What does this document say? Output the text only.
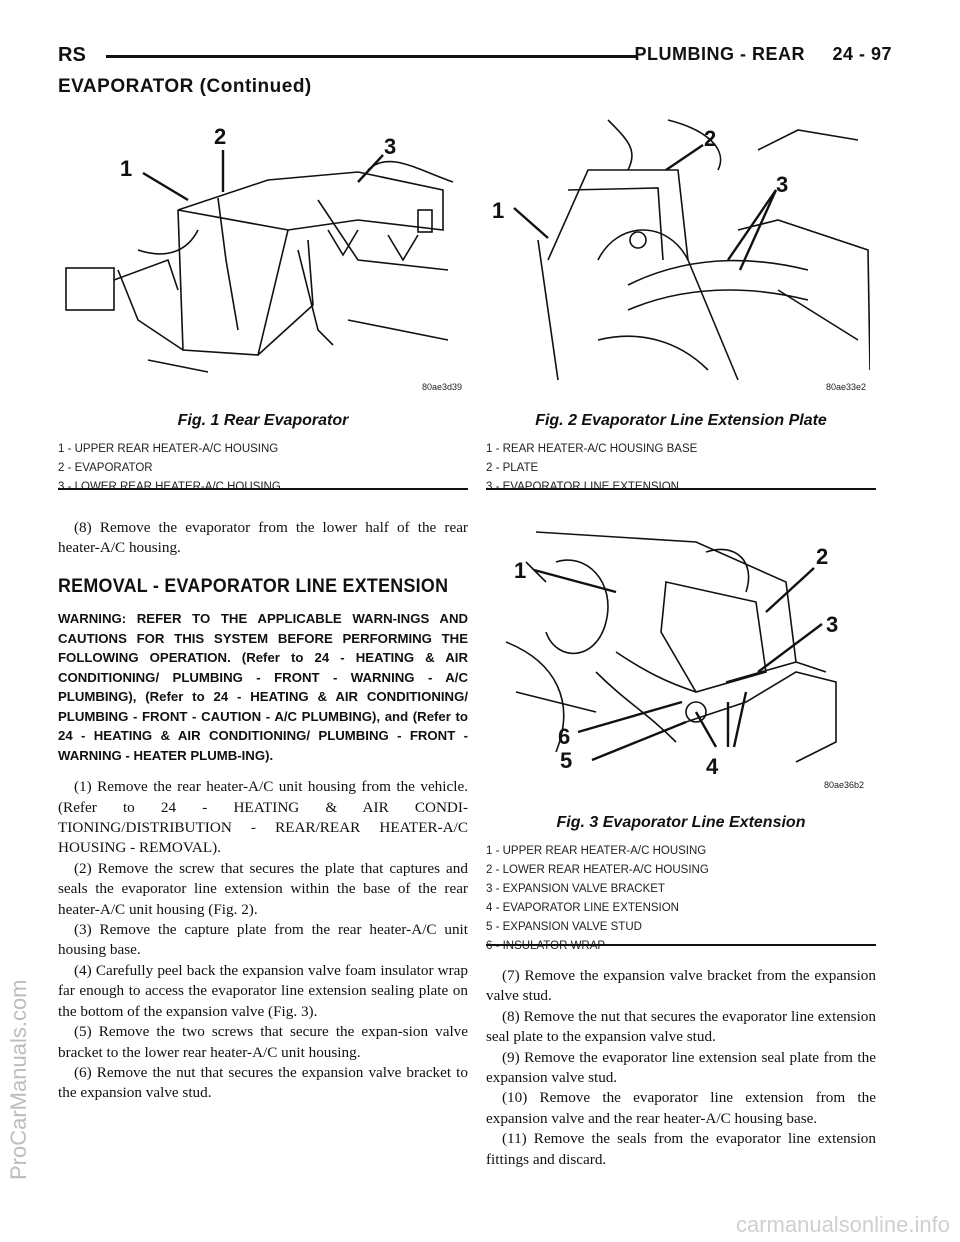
RS	PLUMBING - REAR     24 - 97
EVAPORATOR (Continued)
1
2	3
80ae3d39
Fig. 1 Rear Evaporator
1 - UPPER REAR HEATER-A/C HOUSING
2 - EVAPORATOR
3 - LOWER REAR HEATER-A/C HOUSING
1
2
3
80ae33e2
Fig. 2 Evaporator Line Extension Plate
1 - REAR HEATER-A/C HOUSING BASE
2 - PLATE
3 - EVAPORATOR LINE EXTENSION

(8) Remove the evaporator from the lower half of the rear heater-A/C housing.

REMOVAL - EVAPORATOR LINE EXTENSION
WARNING: REFER TO THE APPLICABLE WARN-INGS AND CAUTIONS FOR THIS SYSTEM BEFORE PERFORMING THE FOLLOWING OPERATION. (Refer to 24 - HEATING & AIR CONDITIONING/ PLUMBING - FRONT - WARNING - A/C PLUMBING), (Refer to 24 - HEATING & AIR CONDITIONING/ PLUMBING - FRONT - CAUTION - A/C PLUMBING), and (Refer to 24 - HEATING & AIR CONDITIONING/ PLUMBING - FRONT - WARNING - HEATER PLUMB-ING).

(1) Remove the rear heater-A/C unit housing from the vehicle. (Refer to 24 - HEATING & AIR CONDI-TIONING/DISTRIBUTION - REAR/REAR HEATER-A/C HOUSING - REMOVAL).

(2) Remove the screw that secures the plate that captures and seals the evaporator line extension within the base of the rear heater-A/C unit housing (Fig. 2).

(3) Remove the capture plate from the rear heater-A/C unit housing base.

(4) Carefully peel back the expansion valve foam insulator wrap far enough to access the evaporator line extension sealing plate on the bottom of the expansion valve (Fig. 3).

(5) Remove the two screws that secure the expan-sion valve bracket to the lower rear heater-A/C unit housing.

(6) Remove the nut that secures the expansion valve bracket to the expansion valve stud.

1
2
3
4
5
6
80ae36b2
Fig. 3 Evaporator Line Extension
1 - UPPER REAR HEATER-A/C HOUSING
2 - LOWER REAR HEATER-A/C HOUSING
3 - EXPANSION VALVE BRACKET
4 - EVAPORATOR LINE EXTENSION
5 - EXPANSION VALVE STUD
6 - INSULATOR WRAP

(7) Remove the expansion valve bracket from the expansion valve stud.

(8) Remove the nut that secures the evaporator line extension seal plate to the expansion valve stud.

(9) Remove the evaporator line extension seal plate from the expansion valve stud.

(10) Remove the evaporator line extension from the expansion valve and the rear heater-A/C housing base.

(11) Remove the seals from the evaporator line extension fittings and discard.

ProCarManuals.com
carmanualsonline.info
